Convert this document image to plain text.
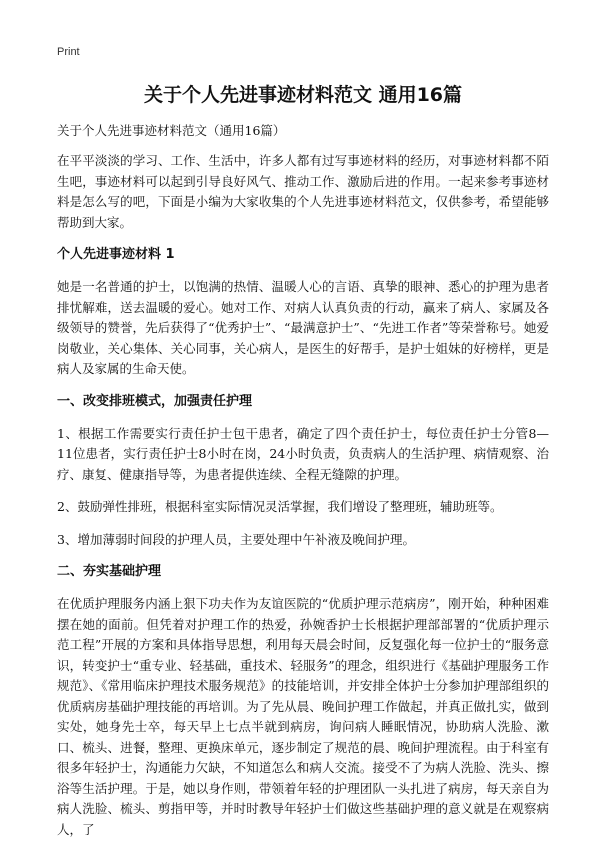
Print
关于个人先进事迹材料范文 通用16篇

关于个人先进事迹材料范文（通用16篇）

在平平淡淡的学习、工作、生活中，许多人都有过写事迹材料的经历，对事迹材料都不陌生吧，事迹材料可以起到引导良好风气、推动工作、激励后进的作用。一起来参考事迹材料是怎么写的吧，下面是小编为大家收集的个人先进事迹材料范文，仅供参考，希望能够帮助到大家。

个人先进事迹材料 1

她是一名普通的护士，以饱满的热情、温暖人心的言语、真挚的眼神、悉心的护理为患者排忧解难，送去温暖的爱心。她对工作、对病人认真负责的行动，赢来了病人、家属及各级领导的赞誉，先后获得了“优秀护士”、“最满意护士”、“先进工作者”等荣誉称号。她爱岗敬业，关心集体、关心同事，关心病人，是医生的好帮手，是护士姐妹的好榜样，更是病人及家属的生命天使。

一、改变排班模式，加强责任护理

1、根据工作需要实行责任护士包干患者，确定了四个责任护士，每位责任护士分管8—11位患者，实行责任护士8小时在岗，24小时负责，负责病人的生活护理、病情观察、治疗、康复、健康指导等，为患者提供连续、全程无缝隙的护理。

2、鼓励弹性排班，根据科室实际情况灵活掌握，我们增设了整理班，辅助班等。

3、增加薄弱时间段的护理人员，主要处理中午补液及晚间护理。

二、夯实基础护理

在优质护理服务内涵上狠下功夫作为友谊医院的“优质护理示范病房”，刚开始，种种困难摆在她的面前。但凭着对护理工作的热爱，孙婉香护士长根据护理部部署的“优质护理示范工程”开展的方案和具体指导思想，利用每天晨会时间，反复强化每一位护士的“服务意识，转变护士“重专业、轻基础，重技术、轻服务”的理念，组织进行《基础护理服务工作规范》、《常用临床护理技术服务规范》的技能培训，并安排全体护士分参加护理部组织的优质病房基础护理技能的再培训。为了先从晨、晚间护理工作做起，并真正做扎实，做到实处，她身先士卒，每天早上七点半就到病房，询问病人睡眠情况，协助病人洗脸、漱口、梳头、进餐，整理、更换床单元，逐步制定了规范的晨、晚间护理流程。由于科室有很多年轻护士，沟通能力欠缺，不知道怎么和病人交流。接受不了为病人洗脸、洗头、擦浴等生活护理。于是，她以身作则，带领着年轻的护理团队一头扎进了病房，每天亲自为病人洗脸、梳头、剪指甲等，并时时教导年轻护士们做这些基础护理的意义就是在观察病人，了
